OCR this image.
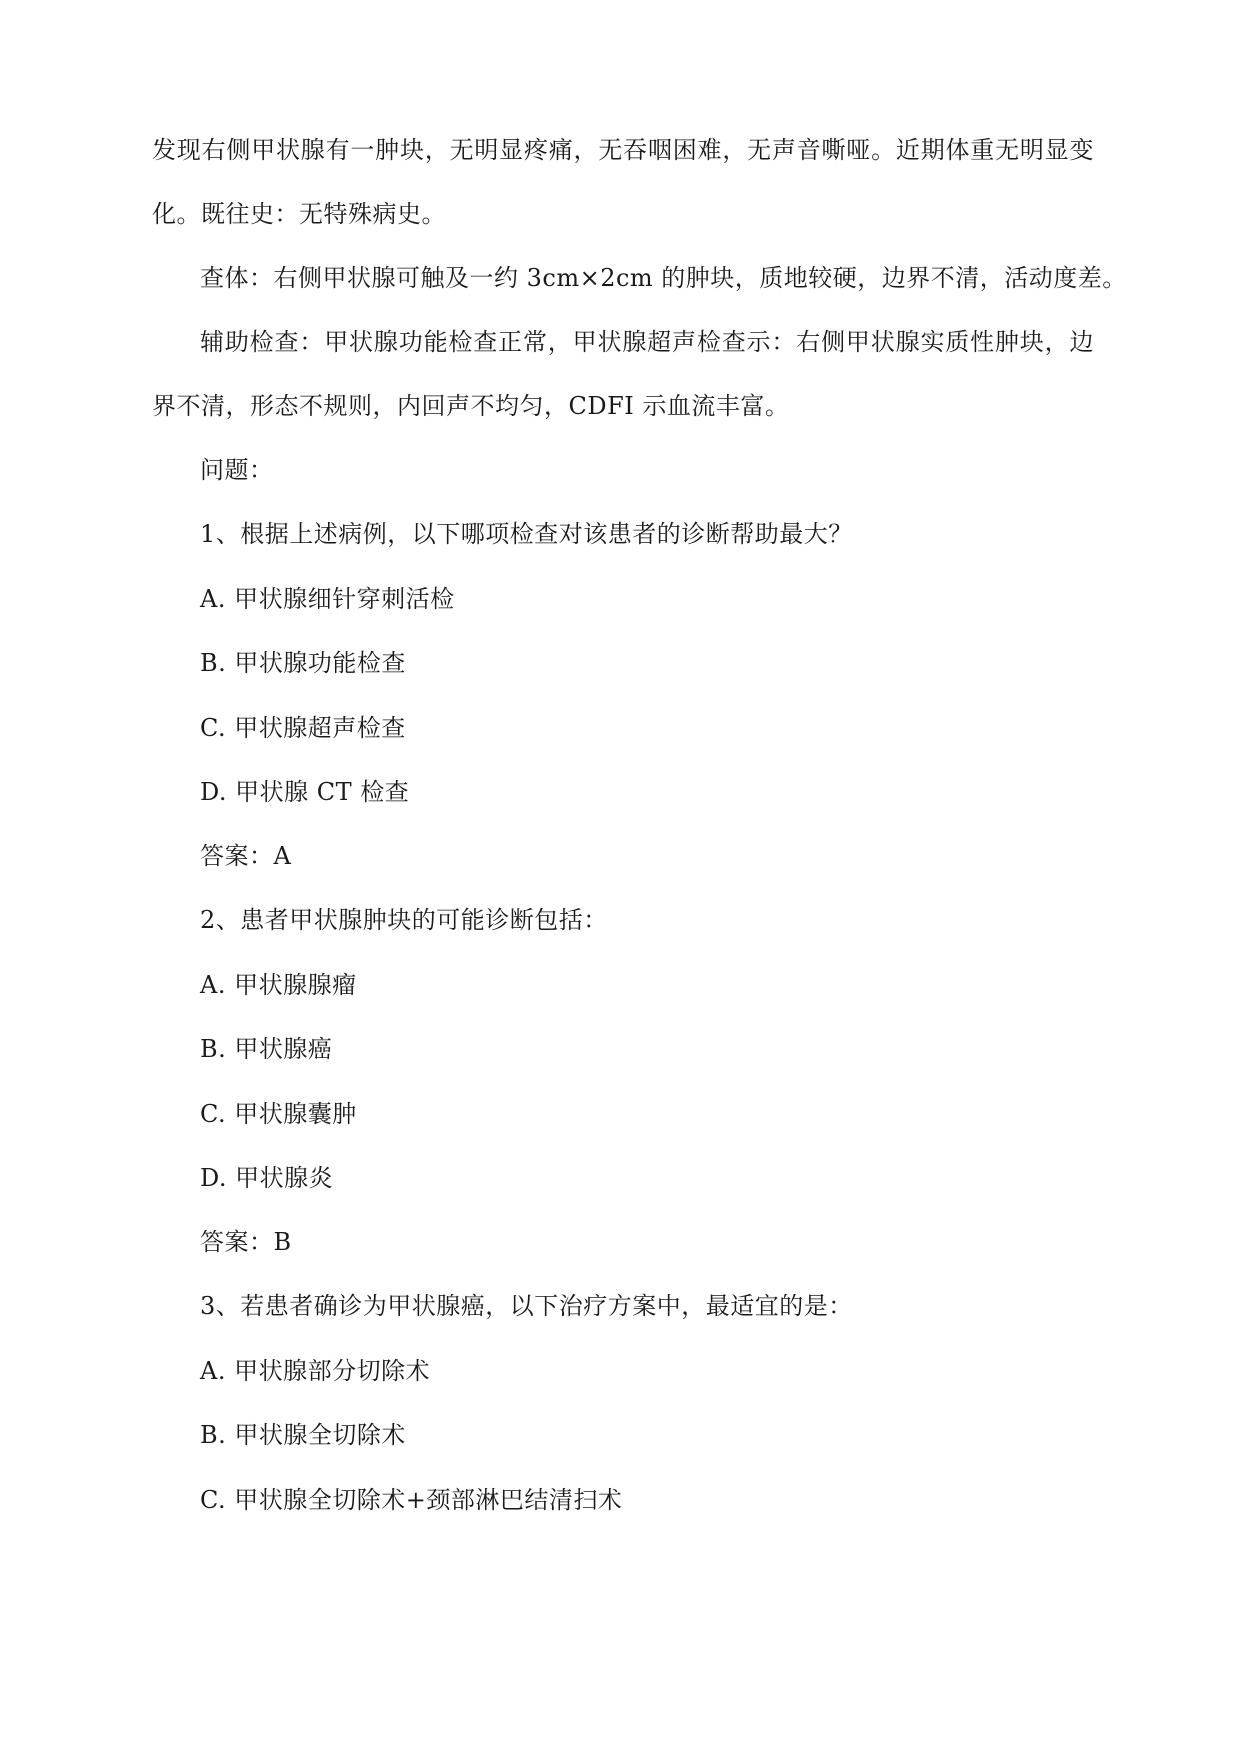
发现右侧甲状腺有一肿块，无明显疼痛，无吞咽困难，无声音嘶哑。近期体重无明显变
化。既往史：无特殊病史。
查体：右侧甲状腺可触及一约 3cm×2cm 的肿块，质地较硬，边界不清，活动度差。
辅助检查：甲状腺功能检查正常，甲状腺超声检查示：右侧甲状腺实质性肿块，边
界不清，形态不规则，内回声不均匀，CDFI 示血流丰富。
问题：
1、根据上述病例，以下哪项检查对该患者的诊断帮助最大？
A. 甲状腺细针穿刺活检
B. 甲状腺功能检查
C. 甲状腺超声检查
D. 甲状腺 CT 检查
答案：A
2、患者甲状腺肿块的可能诊断包括：
A. 甲状腺腺瘤
B. 甲状腺癌
C. 甲状腺囊肿
D. 甲状腺炎
答案：B
3、若患者确诊为甲状腺癌，以下治疗方案中，最适宜的是：
A. 甲状腺部分切除术
B. 甲状腺全切除术
C. 甲状腺全切除术+颈部淋巴结清扫术
